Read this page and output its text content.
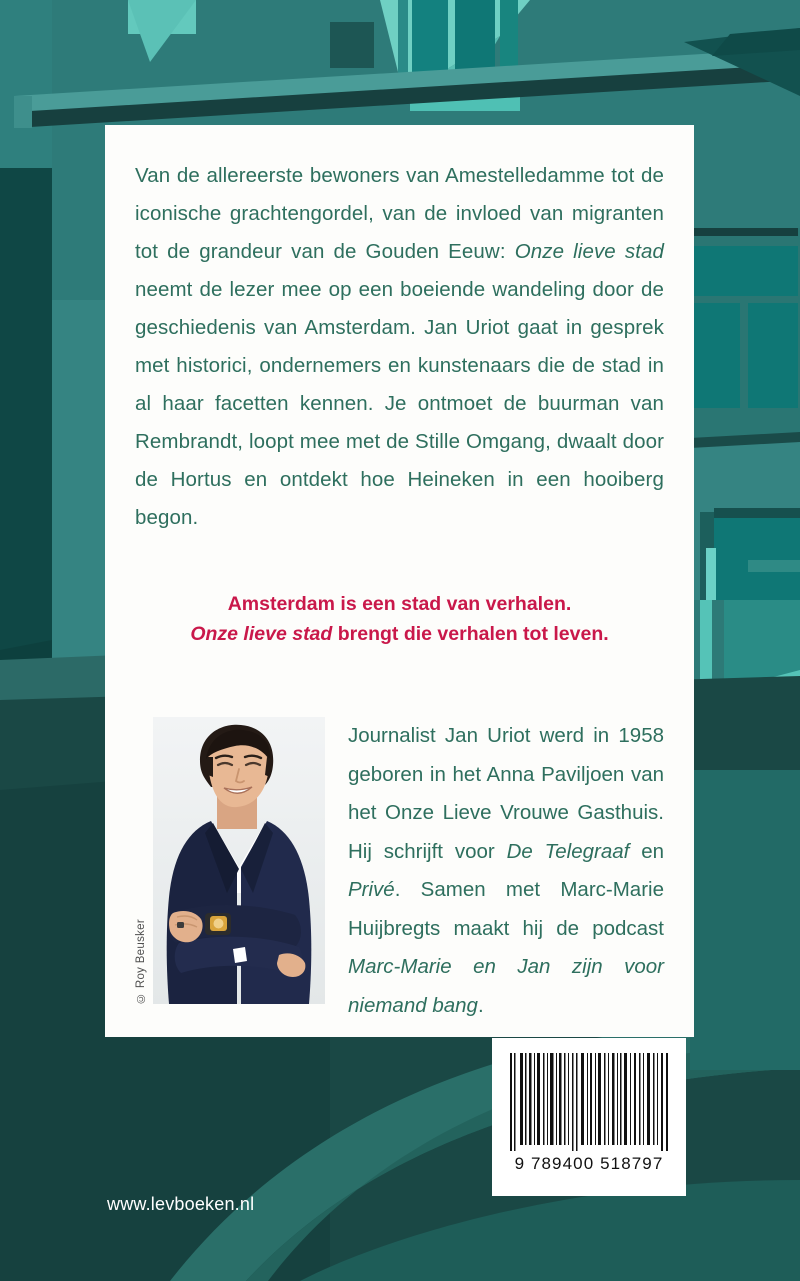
Van de allereerste bewoners van Amestelledamme tot de iconische grachtengordel, van de invloed van migranten tot de grandeur van de Gouden Eeuw: Onze lieve stad neemt de lezer mee op een boeiende wandeling door de geschiedenis van Amsterdam. Jan Uriot gaat in gesprek met historici, ondernemers en kunstenaars die de stad in al haar facetten kennen. Je ontmoet de buurman van Rembrandt, loopt mee met de Stille Omgang, dwaalt door de Hortus en ontdekt hoe Heineken in een hooiberg begon.

Amsterdam is een stad van verhalen.
Onze lieve stad brengt die verhalen tot leven.
© Roy Beusker

Journalist Jan Uriot werd in 1958 geboren in het Anna Paviljoen van het Onze Lieve Vrouwe Gasthuis. Hij schrijft voor De Telegraaf en Privé. Samen met Marc-Marie Huijbregts maakt hij de podcast Marc-Marie en Jan zijn voor niemand bang.

9 789400 518797

www.levboeken.nl
